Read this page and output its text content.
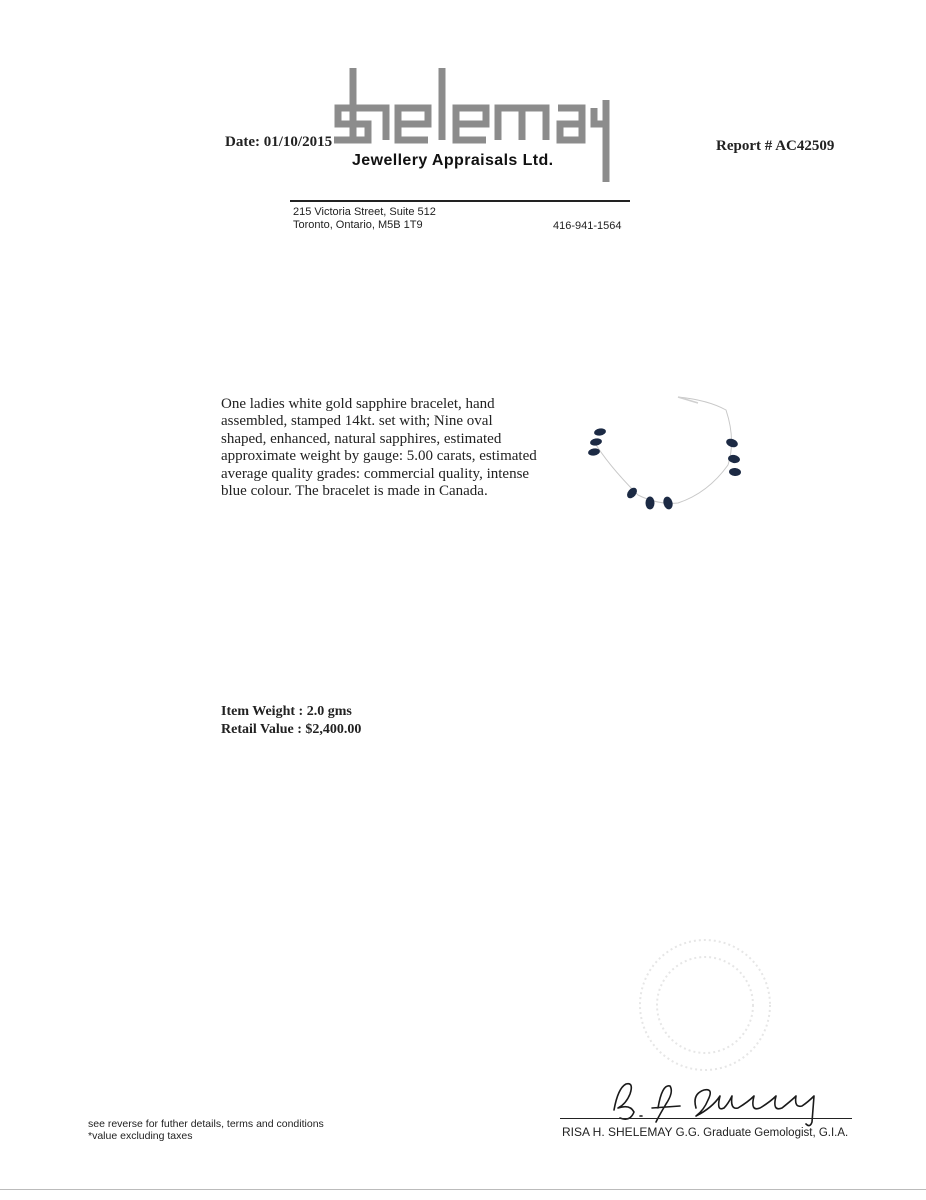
Date: 01/10/2015	Report # AC42509
Jewellery Appraisals Ltd.
215 Victoria Street, Suite 512
Toronto, Ontario, M5B 1T9	416-941-1564
One ladies white gold sapphire bracelet, hand assembled, stamped 14kt. set with; Nine oval shaped, enhanced, natural sapphires, estimated approximate weight by gauge: 5.00 carats, estimated average quality grades: commercial quality, intense blue colour. The bracelet is made in Canada.
Item Weight : 2.0 gms
Retail Value : $2,400.00
RISA H. SHELEMAY G.G. Graduate Gemologist, G.I.A.
see reverse for futher details, terms and conditions
*value excluding taxes
